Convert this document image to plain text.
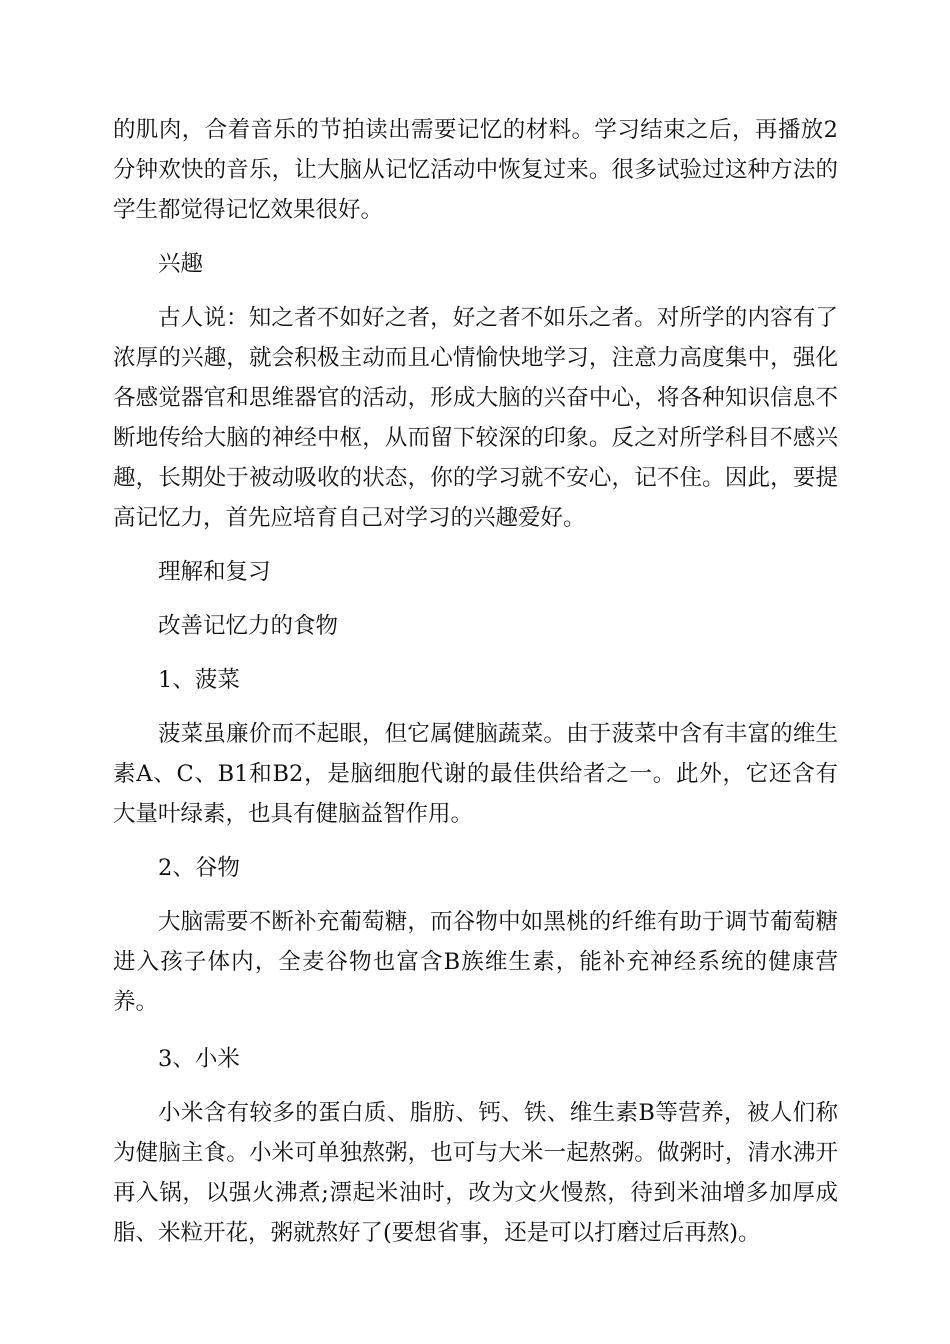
的肌肉，合着音乐的节拍读出需要记忆的材料。学习结束之后，再播放2分钟欢快的音乐，让大脑从记忆活动中恢复过来。很多试验过这种方法的学生都觉得记忆效果很好。

兴趣

古人说：知之者不如好之者，好之者不如乐之者。对所学的内容有了浓厚的兴趣，就会积极主动而且心情愉快地学习，注意力高度集中，强化各感觉器官和思维器官的活动，形成大脑的兴奋中心，将各种知识信息不断地传给大脑的神经中枢，从而留下较深的印象。反之对所学科目不感兴趣，长期处于被动吸收的状态，你的学习就不安心，记不住。因此，要提高记忆力，首先应培育自己对学习的兴趣爱好。

理解和复习

改善记忆力的食物

1、菠菜

菠菜虽廉价而不起眼，但它属健脑蔬菜。由于菠菜中含有丰富的维生素A、C、B1和B2，是脑细胞代谢的最佳供给者之一。此外，它还含有大量叶绿素，也具有健脑益智作用。

2、谷物

大脑需要不断补充葡萄糖，而谷物中如黑桃的纤维有助于调节葡萄糖进入孩子体内，全麦谷物也富含B族维生素，能补充神经系统的健康营养。

3、小米

小米含有较多的蛋白质、脂肪、钙、铁、维生素B等营养，被人们称为健脑主食。小米可单独熬粥，也可与大米一起熬粥。做粥时，清水沸开再入锅，以强火沸煮;漂起米油时，改为文火慢熬，待到米油增多加厚成脂、米粒开花，粥就熬好了(要想省事，还是可以打磨过后再熬)。
